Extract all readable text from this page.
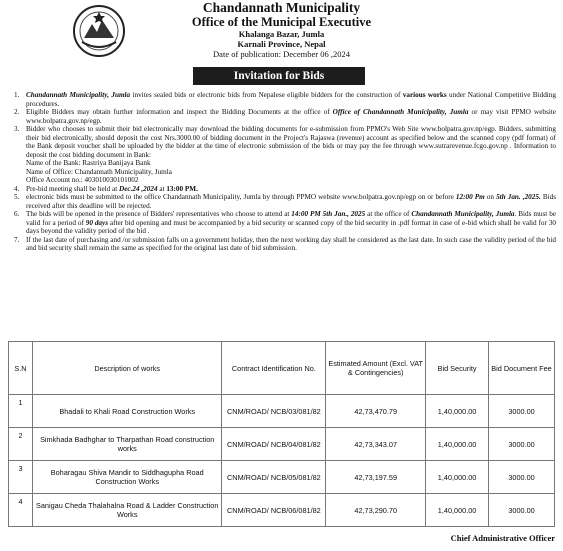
Chandannath Municipality
Office of the Municipal Executive
Khalanga Bazar, Jumla
Karnali Province, Nepal
Date of publication: December 06 ,2024
Invitation for Bids
1. Chandannath Municipality, Jumla invites sealed bids or electronic bids from Nepalese eligible bidders for the construction of various works under National Competitive Bidding procedures.
2. Eligible Bidders may obtain further information and inspect the Bidding Documents at the office of Office of Chandannath Municipality, Jumla or may visit PPMO website www.bolpatra.gov.np/egp.
3. Bidder who chooses to submit their bid electronically may download the bidding documents for e-submission from PPMO's Web Site www.bolpatra.gov.np/egp. Bidders, submitting their bid electronically, should deposit the cost Nrs.3000.00 of bidding document in the Project's Rajaswa (revenue) account as specified below and the scanned copy (pdf format) of the Bank deposit voucher shall be uploaded by the bidder at the time of electronic submission of the bids or may pay the fee through www.sutrarevenue.fcgo.gov.np . Information to deposit the cost bidding document in Bank:
Name of the Bank: Rastriya Banijaya Bank
Name of Office: Chandannath Municipality, Jumla
Office Account no.: 403010030101002
4. Pre-bid meeting shall be held at Dec.24 ,2024 at 13:00 PM.
5. electronic bids must be submitted to the office Chandannath Municipality, Jumla by through PPMO website www.bolpatra.gov.np/egp on or before 12:00 Pm on 5th Jan. ,2025. Bids received after this deadline will be rejected.
6. The bids will be opened in the presence of Bidders' representatives who choose to attend at 14:00 PM 5th Jan., 2025 at the office of Chandannath Municipality, Jumla. Bids must be valid for a period of 90 days after bid opening and must be accompanied by a bid security or scanned copy of the bid security in .pdf format in case of e-bid which shall be valid for 30 days beyond the validity period of the bid .
7. If the last date of purchasing and /or submission falls on a government holiday, then the next working day shall be considered as the last date. In such case the validity period of the bid and bid security shall remain the same as specified for the original last date of bid submission.
S.N	Description of works	Contract Identification No.	Estimated Amount (Excl. VAT & Contingencies)	Bid Security	Bid Document Fee
1	Bhadali to Khali Road Construction Works	CNM/ROAD/ NCB/03/081/82	42,73,470.79	1,40,000.00	3000.00
2	Simkhada Badhghar to Tharpathan Road construction works	CNM/ROAD/ NCB/04/081/82	42,73,343.07	1,40,000.00	3000.00
3	Boharagau Shiva Mandir to Siddhagupha Road Construction Works	CNM/ROAD/ NCB/05/081/82	42,73,197.59	1,40,000.00	3000.00
4	Sanigau Cheda Thalahalna Road & Ladder Construction Works	CNM/ROAD/ NCB/06/081/82	42,73,290.70	1,40,000.00	3000.00
Chief Administrative Officer
